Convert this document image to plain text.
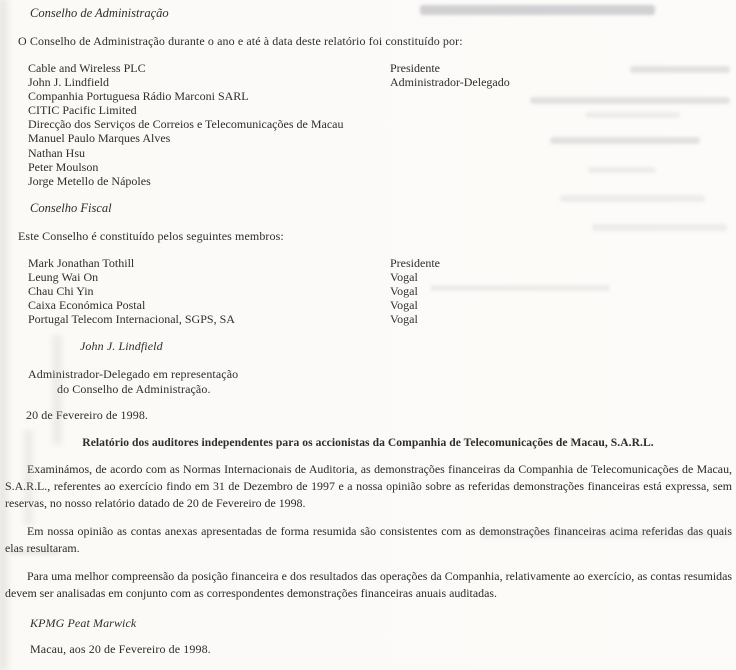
Conselho de Administração
O Conselho de Administração durante o ano e até à data deste relatório foi constituído por:
Cable and Wireless PLC	Presidente
John J. Lindfield	Administrador-Delegado
Companhia Portuguesa Rádio Marconi SARL
CITIC Pacific Limited
Direcção dos Serviços de Correios e Telecomunicações de Macau
Manuel Paulo Marques Alves
Nathan Hsu
Peter Moulson
Jorge Metello de Nápoles
Conselho Fiscal
Este Conselho é constituído pelos seguintes membros:
Mark Jonathan Tothill	Presidente
Leung Wai On	Vogal
Chau Chi Yin	Vogal
Caixa Económica Postal	Vogal
Portugal Telecom Internacional, SGPS, SA	Vogal
John J. Lindfield
Administrador-Delegado em representação
do Conselho de Administração.
20 de Fevereiro de 1998.
Relatório dos auditores independentes para os accionistas da Companhia de Telecomunicações de Macau, S.A.R.L.

Examinámos, de acordo com as Normas Internacionais de Auditoria, as demonstrações financeiras da Companhia de Telecomunicações de Macau, S.A.R.L., referentes ao exercício findo em 31 de Dezembro de 1997 e a nossa opinião sobre as referidas demonstrações financeiras está expressa, sem reservas, no nosso relatório datado de 20 de Fevereiro de 1998.

Em nossa opinião as contas anexas apresentadas de forma resumida são consistentes com as demonstrações financeiras acima referidas das quais elas resultaram.

Para uma melhor compreensão da posição financeira e dos resultados das operações da Companhia, relativamente ao exercício, as contas resumidas devem ser analisadas em conjunto com as correspondentes demonstrações financeiras anuais auditadas.

KPMG Peat Marwick
Macau, aos 20 de Fevereiro de 1998.
